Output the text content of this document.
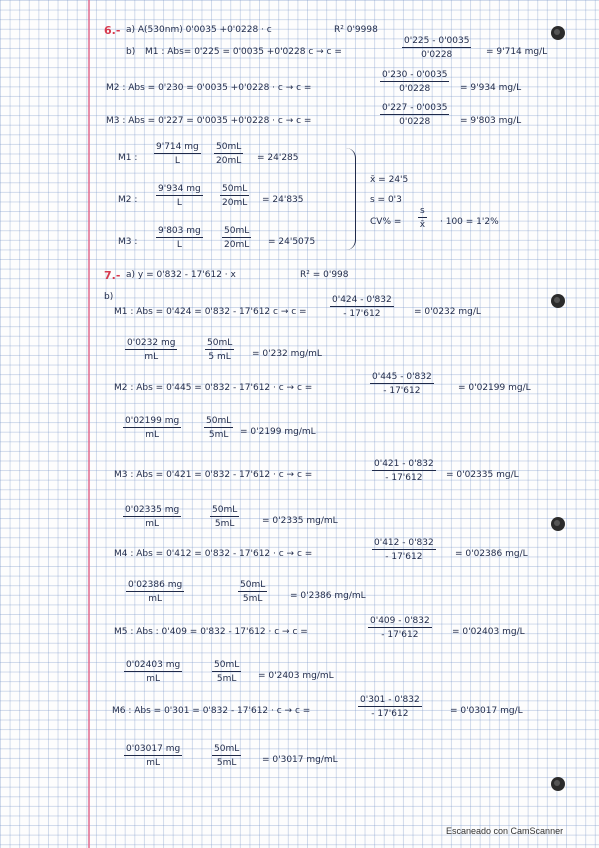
6.- a) A(530nm) 0'0035 +0'0228 · c	R² 0'9998
b) M1 : Abs= 0'225 = 0'0035 +0'0228 c → c =	$\frac{0'225 - 0'0035}{0'0228} = 9'714$ mg/L
M2 : Abs = 0'230 = 0'0035 +0'0228 · c → c =	$\frac{0'230 - 0'0035}{0'0228} = 9'934$ mg/L
M3 : Abs = 0'227 = 0'0035 +0'0228 · c → c =	$\frac{0'227 - 0'0035}{0'0228} = 9'803$ mg/L
M1 : $\frac{9'714 mg}{L} \frac{50mL}{20mL} = 24'285$
M2 : $\frac{9'934 mg}{L} \frac{50mL}{20mL} = 24'835$
M3 : $\frac{9'803 mg}{L} \frac{50mL}{20mL} = 24'5075$
x̄ = 24'5
s = 0'3
$CV\% = \frac{s}{x̄} \cdot 100 = 1'2\%$
7.- a) y = 0'832 - 17'612 · x	R² = 0'998
b)
M1 : Abs = 0'424 = 0'832 - 17'612 c → c =	$\frac{0'424 - 0'832}{- 17'612} = 0'0232$ mg/L
$\frac{0'0232 mg}{mL}$	$\frac{50mL}{5 mL} = 0'232$ mg/mL
M2 : Abs = 0'445 = 0'832 - 17'612 · c → c =	$\frac{0'445 - 0'832}{- 17'612}$	= 0'02199 mg/L
$\frac{0'02199 mg}{mL}$	$\frac{50mL}{5mL} = 0'2199$ mg/mL
M3 : Abs = 0'421 = 0'832 - 17'612 · c → c =	$\frac{0'421 - 0'832}{- 17'612} = 0'02335$ mg/L
$\frac{0'02335 mg}{mL}$	$\frac{50mL}{5mL}$	= 0'2335 mg/mL
M4 : Abs = 0'412 = 0'832 - 17'612 · c → c =	$\frac{0'412 - 0'832}{- 17'612} = 0'02386$ mg/L
$\frac{0'02386 mg}{mL}$	$\frac{50mL}{5mL}$	= 0'2386 mg/mL
M5 : Abs : 0'409 = 0'832 - 17'612 · c → c =	$\frac{0'409 - 0'832}{- 17'612} = 0'02403$ mg/L
$\frac{0'02403 mg}{mL}$	$\frac{50mL}{5mL} = 0'2403$ mg/mL
M6 : Abs = 0'301 = 0'832 - 17'612 · c → c =	$\frac{0'301 - 0'832}{- 17'612}$	= 0'03017 mg/L
$\frac{0'03017 mg}{mL}$	$\frac{50mL}{5mL} = 0'3017$ mg/mL
Escaneado con CamScanner
